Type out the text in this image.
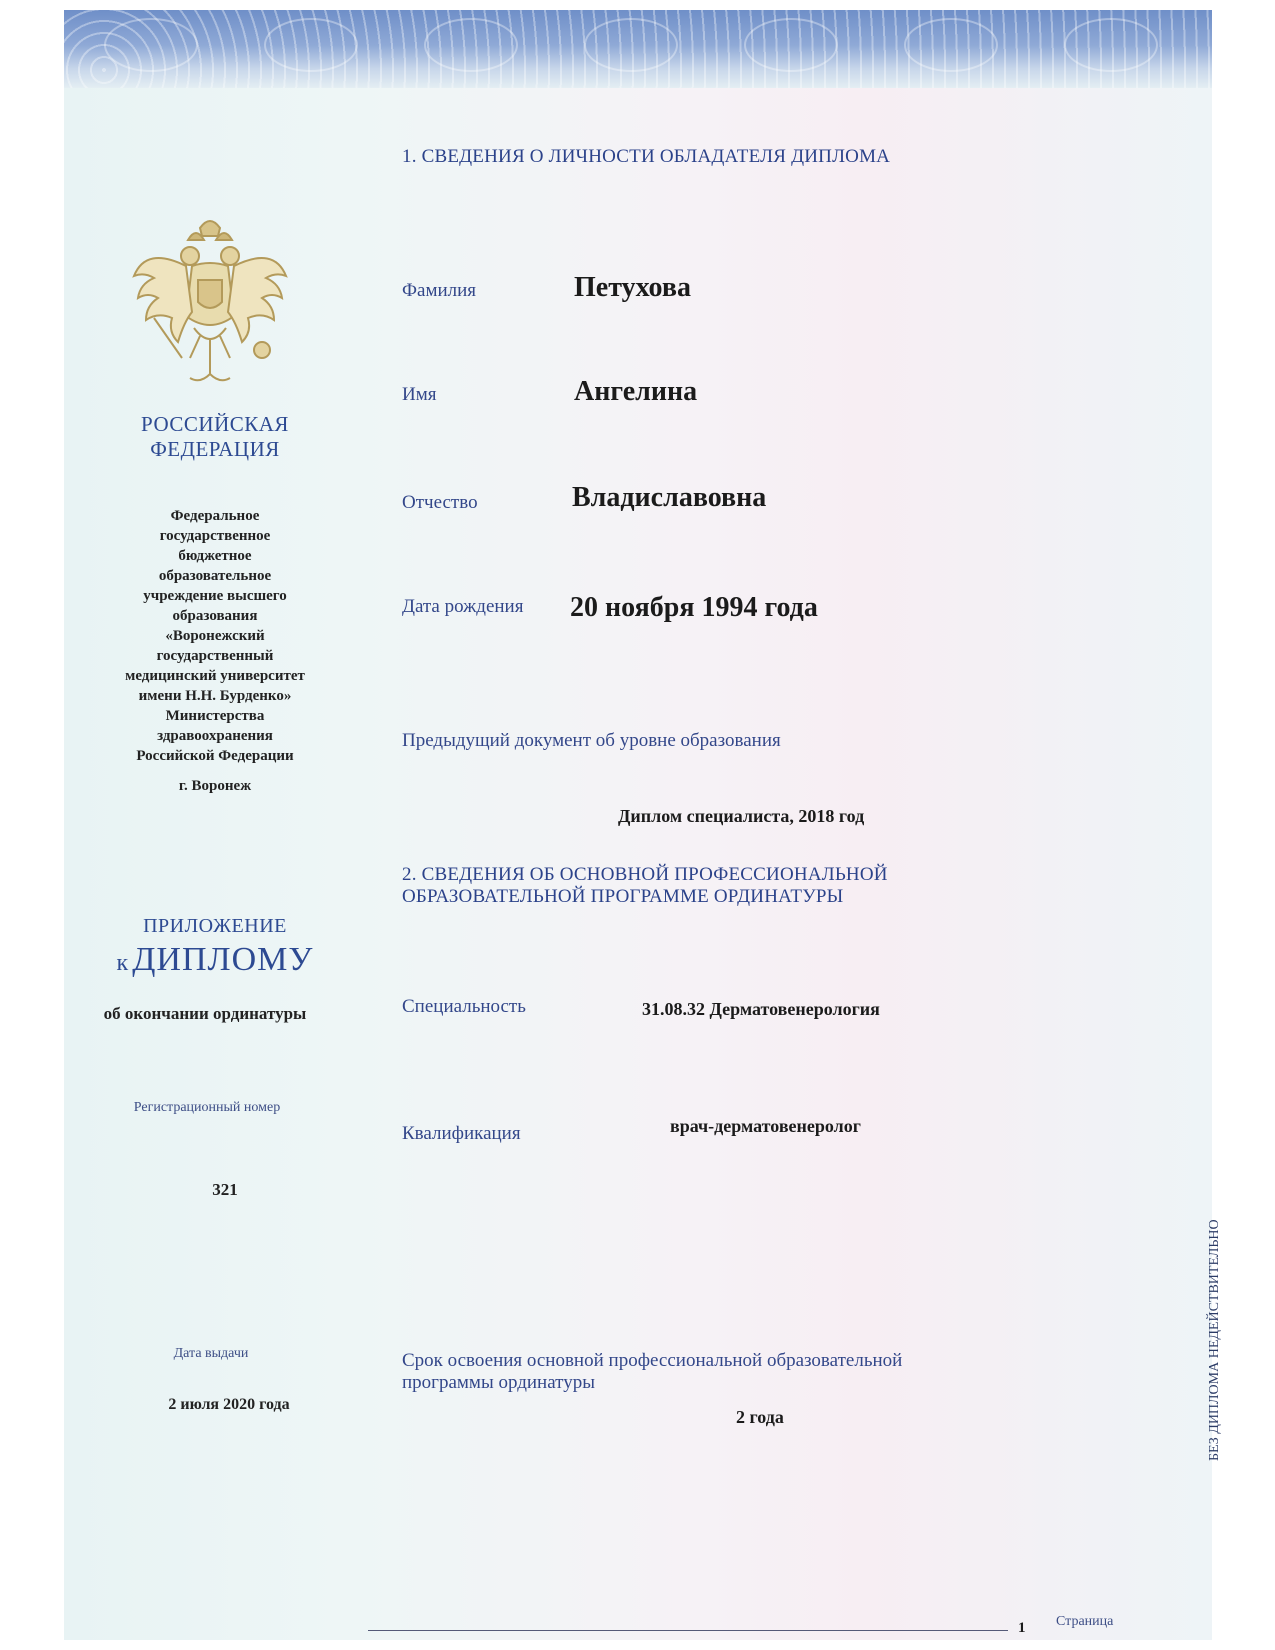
РОССИЙСКАЯ
ФЕДЕРАЦИЯ
Федеральное
государственное
бюджетное
образовательное
учреждение высшего
образования
«Воронежский
государственный
медицинский университет
имени Н.Н. Бурденко»
Министерства
здравоохранения
Российской Федерации
г. Воронеж
ПРИЛОЖЕНИЕ
к ДИПЛОМУ
об окончании ординатуры
Регистрационный номер
321
Дата выдачи
2 июля 2020 года
1. СВЕДЕНИЯ О ЛИЧНОСТИ ОБЛАДАТЕЛЯ ДИПЛОМА
Фамилия	Петухова
Имя	Ангелина
Отчество	Владиславовна
Дата рождения 20 ноября 1994 года
Предыдущий документ об уровне образования
Диплом специалиста, 2018 год
2. СВЕДЕНИЯ ОБ ОСНОВНОЙ ПРОФЕССИОНАЛЬНОЙ
ОБРАЗОВАТЕЛЬНОЙ ПРОГРАММЕ ОРДИНАТУРЫ
Специальность	31.08.32 Дерматовенерология
Квалификация	врач-дерматовенеролог
Срок освоения основной профессиональной образовательной
программы ординатуры
2 года	БЕЗ ДИПЛОМА НЕДЕЙСТВИТЕЛЬНО
1 Страница
